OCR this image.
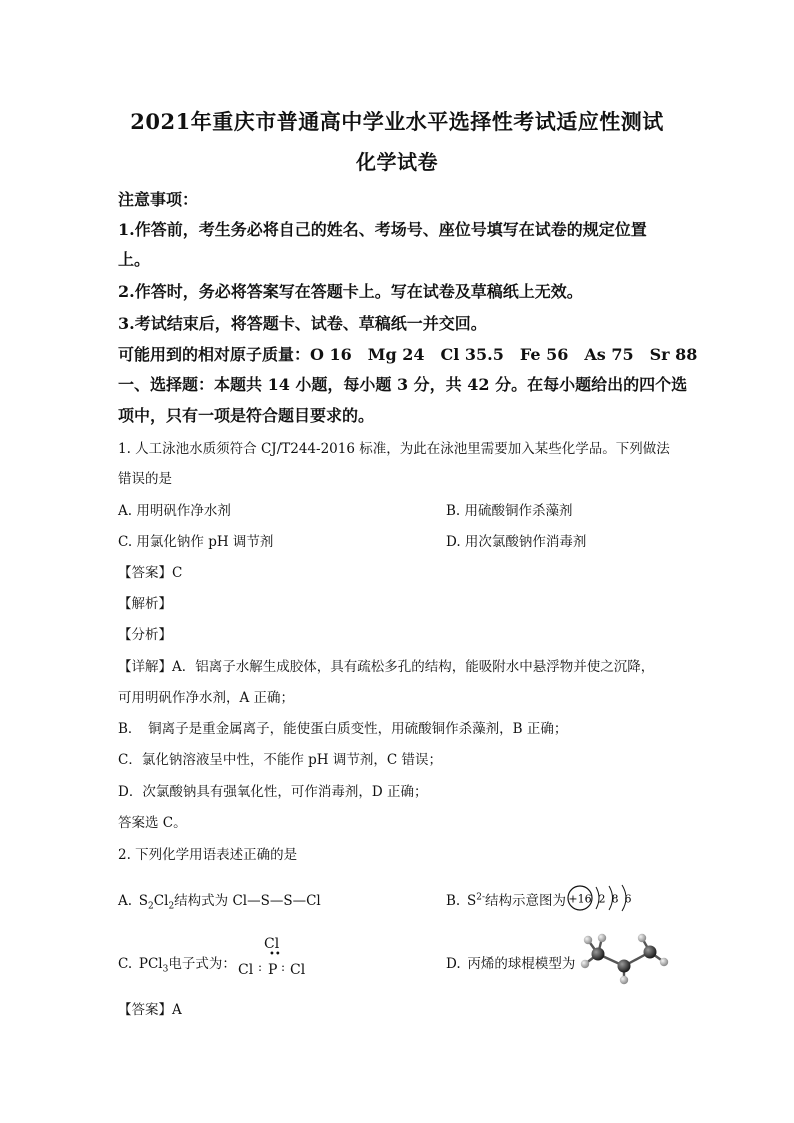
2021年重庆市普通高中学业水平选择性考试适应性测试
化学试卷
注意事项：
1.作答前，考生务必将自己的姓名、考场号、座位号填写在试卷的规定位置
上。
2.作答时，务必将答案写在答题卡上。写在试卷及草稿纸上无效。
3.考试结束后，将答题卡、试卷、草稿纸一并交回。
可能用到的相对原子质量：O 16　Mg 24　Cl 35.5　Fe 56　As 75　Sr 88
一、选择题：本题共 14 小题，每小题 3 分，共 42 分。在每小题给出的四个选
项中，只有一项是符合题目要求的。
1. 人工泳池水质须符合 CJ/T244-2016 标准，为此在泳池里需要加入某些化学品。下列做法
错误的是
A. 用明矾作净水剂	B. 用硫酸铜作杀藻剂
C. 用氯化钠作 pH 调节剂	D. 用次氯酸钠作消毒剂
【答案】C
【解析】
【分析】
【详解】A．铝离子水解生成胶体，具有疏松多孔的结构，能吸附水中悬浮物并使之沉降，
可用明矾作净水剂，A 正确；
B．　铜离子是重金属离子，能使蛋白质变性，用硫酸铜作杀藻剂，B 正确；
C．氯化钠溶液呈中性，不能作 pH 调节剂，C 错误；
D．次氯酸钠具有强氧化性，可作消毒剂，D 正确；
答案选 C。
2. 下列化学用语表述正确的是
A.  $S_2Cl_2$结构式为 Cl—S—S—Cl	B.  $S^{2-}$结构示意图为 +16 2 8 6
C.  PCl$_3$电子式为：
Cl
••
Cl : P : Cl	D.  丙烯的球棍模型为
【答案】A
